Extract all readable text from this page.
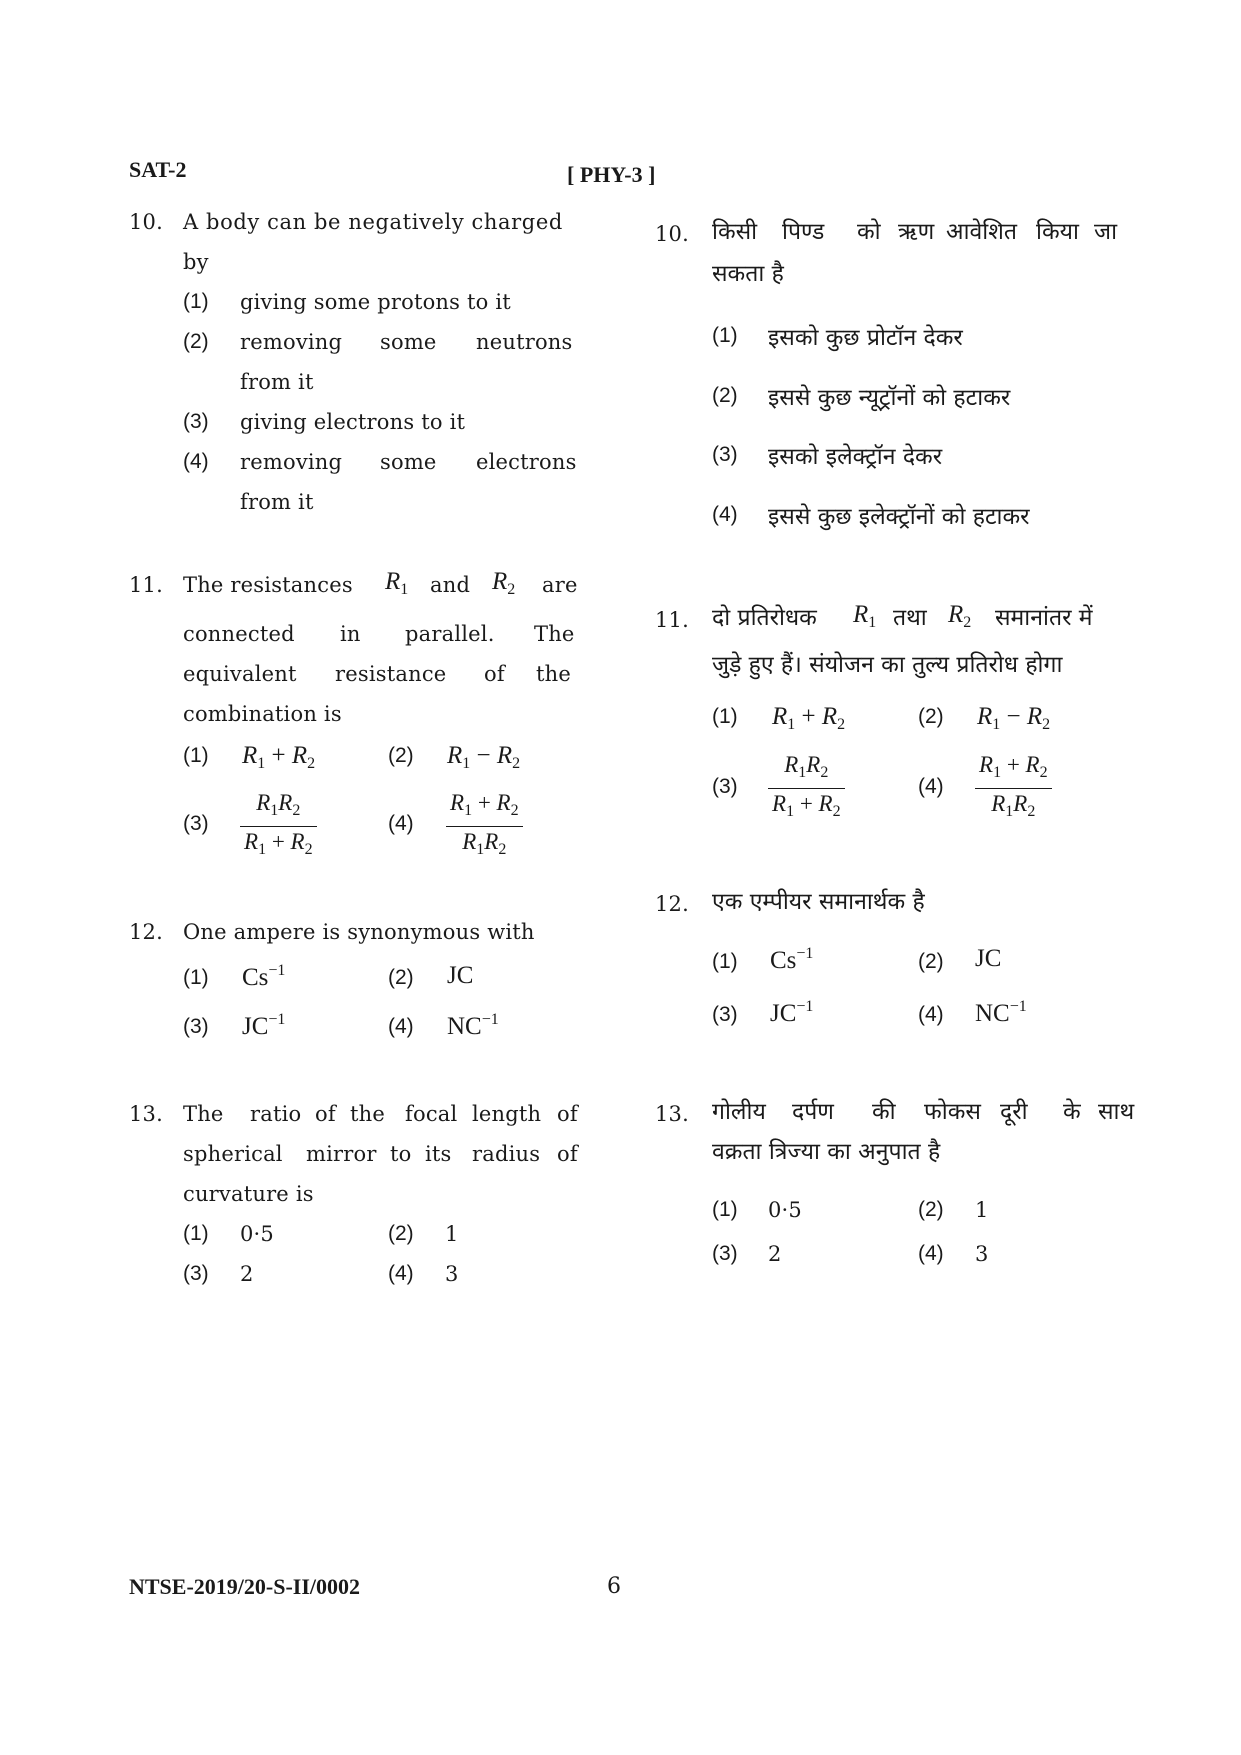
SAT-2	[ PHY-3 ]
10. A body can be negatively charged
by
(1) giving some protons to it
(2) removing some neutrons
from it
(3) giving electrons to it
(4) removing some electrons
from it
11. The resistances $R_1$ and $R_2$ are
connected in parallel. The
equivalent resistance of the
combination is
(1) $R_1 + R_2$	(2) $R_1 - R_2$
$(3) \frac{R_1R_2}{R_1 + R_2}$	$(4) \frac{R_1 + R_2}{R_1R_2}$
12. One ampere is synonymous with
(1) $Cs^{-1}$	(2) JC
(3) $JC^{-1}$	(4) $NC^{-1}$
13. The ratio of the focal length of
spherical mirror to its radius of
curvature is
(1) 0·5	(2) 1
(3) 2	(4) 3
10. किसी पिण्ड को ऋण आवेशित किया जा
सकता है
(1) इसको कुछ प्रोटॉन देकर
(2) इससे कुछ न्यूट्रॉनों को हटाकर
(3) इसको इलेक्ट्रॉन देकर
(4) इससे कुछ इलेक्ट्रॉनों को हटाकर
11. दो प्रतिरोधक $R_1$ तथा $R_2$ समानांतर में
जुड़े हुए हैं। संयोजन का तुल्य प्रतिरोध होगा
(1) $R_1 + R_2$	(2) $R_1 - R_2$
$(3) \frac{R_1R_2}{R_1 + R_2}$	$(4) \frac{R_1 + R_2}{R_1R_2}$
12. एक एम्पीयर समानार्थक है
(1) $Cs^{-1}$	(2) JC
(3) $JC^{-1}$	(4) $NC^{-1}$
13. गोलीय दर्पण की फोकस दूरी के साथ
वक्रता त्रिज्या का अनुपात है
(1) 0·5	(2) 1
(3) 2	(4) 3
NTSE-2019/20-S-II/0002	6
